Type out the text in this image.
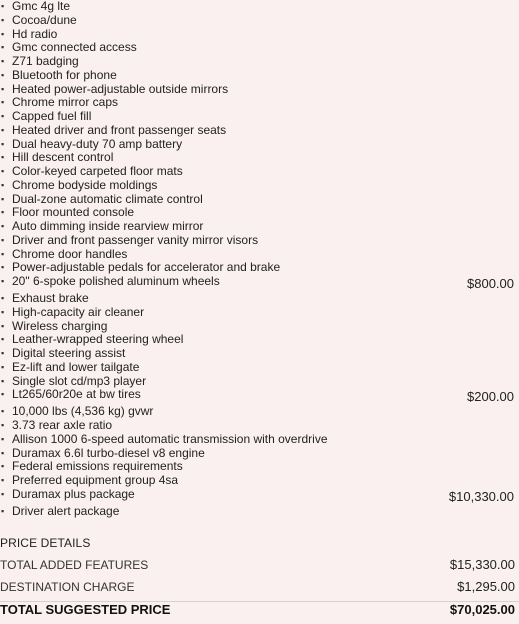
▪ Gmc 4g lte
▪ Cocoa/dune
▪ Hd radio
▪ Gmc connected access
▪ Z71 badging
▪ Bluetooth for phone
▪ Heated power-adjustable outside mirrors
▪ Chrome mirror caps
▪ Capped fuel fill
▪ Heated driver and front passenger seats
▪ Dual heavy-duty 70 amp battery
▪ Hill descent control
▪ Color-keyed carpeted floor mats
▪ Chrome bodyside moldings
▪ Dual-zone automatic climate control
▪ Floor mounted console
▪ Auto dimming inside rearview mirror
▪ Driver and front passenger vanity mirror visors
▪ Chrome door handles
▪ Power-adjustable pedals for accelerator and brake
▪ 20" 6-spoke polished aluminum wheels	$800.00
▪ Exhaust brake
▪ High-capacity air cleaner
▪ Wireless charging
▪ Leather-wrapped steering wheel
▪ Digital steering assist
▪ Ez-lift and lower tailgate
▪ Single slot cd/mp3 player
▪ Lt265/60r20e at bw tires	$200.00
▪ 10,000 lbs (4,536 kg) gvwr
▪ 3.73 rear axle ratio
▪ Allison 1000 6-speed automatic transmission with overdrive
▪ Duramax 6.6l turbo-diesel v8 engine
▪ Federal emissions requirements
▪ Preferred equipment group 4sa
▪ Duramax plus package	$10,330.00
▪ Driver alert package
PRICE DETAILS
TOTAL ADDED FEATURES	$15,330.00
DESTINATION CHARGE	$1,295.00
TOTAL SUGGESTED PRICE	$70,025.00
